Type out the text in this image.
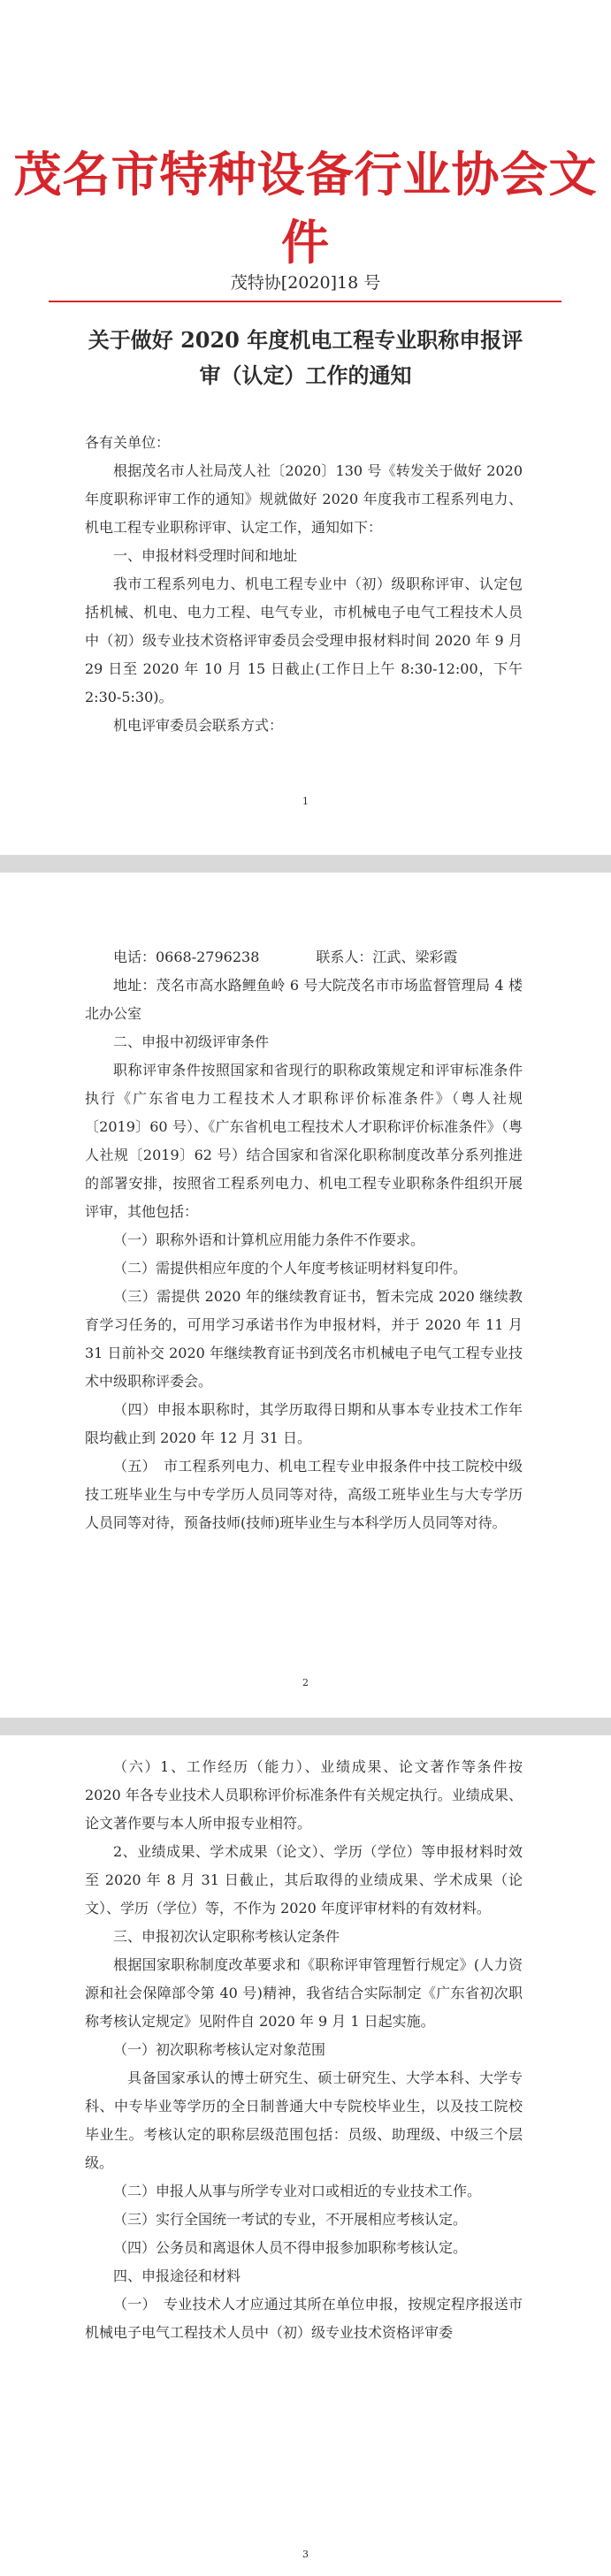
茂名市特种设备行业协会文件
茂特协[2020]18 号
关于做好 2020 年度机电工程专业职称申报评
审（认定）工作的通知

各有关单位：

根据茂名市人社局茂人社〔2020〕130 号《转发关于做好 2020 年度职称评审工作的通知》规就做好 2020 年度我市工程系列电力、机电工程专业职称评审、认定工作，通知如下：

一、申报材料受理时间和地址

我市工程系列电力、机电工程专业中（初）级职称评审、认定包括机械、机电、电力工程、电气专业，市机械电子电气工程技术人员中（初）级专业技术资格评审委员会受理申报材料时间 2020 年 9 月 29 日至 2020 年 10 月 15 日截止(工作日上午 8:30-12:00，下午 2:30-5:30)。

机电评审委员会联系方式：

1

电话：0668-2796238　　　　联系人：江武、梁彩霞

地址：茂名市高水路鲤鱼岭 6 号大院茂名市市场监督管理局 4 楼北办公室

二、申报中初级评审条件

职称评审条件按照国家和省现行的职称政策规定和评审标准条件执行《广东省电力工程技术人才职称评价标准条件》（粤人社规〔2019〕60 号）、《广东省机电工程技术人才职称评价标准条件》（粤人社规〔2019〕62 号）结合国家和省深化职称制度改革分系列推进的部署安排，按照省工程系列电力、机电工程专业职称条件组织开展评审，其他包括：

（一）职称外语和计算机应用能力条件不作要求。

（二）需提供相应年度的个人年度考核证明材料复印件。

（三）需提供 2020 年的继续教育证书，暂未完成 2020 继续教育学习任务的，可用学习承诺书作为申报材料，并于 2020 年 11 月 31 日前补交 2020 年继续教育证书到茂名市机械电子电气工程专业技术中级职称评委会。

（四）申报本职称时，其学历取得日期和从事本专业技术工作年限均截止到 2020 年 12 月 31 日。

（五）　市工程系列电力、机电工程专业申报条件中技工院校中级技工班毕业生与中专学历人员同等对待，高级工班毕业生与大专学历人员同等对待，预备技师(技师)班毕业生与本科学历人员同等对待。

2

（六）1、工作经历（能力）、业绩成果、论文著作等条件按 2020 年各专业技术人员职称评价标准条件有关规定执行。业绩成果、论文著作要与本人所申报专业相符。

2、业绩成果、学术成果（论文）、学历（学位）等申报材料时效至 2020 年 8 月 31 日截止，其后取得的业绩成果、学术成果（论文）、学历（学位）等，不作为 2020 年度评审材料的有效材料。

三、申报初次认定职称考核认定条件

根据国家职称制度改革要求和《职称评审管理暂行规定》(人力资源和社会保障部令第 40 号)精神，我省结合实际制定《广东省初次职称考核认定规定》见附件自 2020 年 9 月 1 日起实施。

（一）初次职称考核认定对象范围

具备国家承认的博士研究生、硕士研究生、大学本科、大学专科、中专毕业等学历的全日制普通大中专院校毕业生，以及技工院校毕业生。考核认定的职称层级范围包括：员级、助理级、中级三个层级。

（二）申报人从事与所学专业对口或相近的专业技术工作。

（三）实行全国统一考试的专业，不开展相应考核认定。

（四）公务员和离退休人员不得申报参加职称考核认定。

四、申报途径和材料

（一）　专业技术人才应通过其所在单位申报，按规定程序报送市机械电子电气工程技术人员中（初）级专业技术资格评审委

3
